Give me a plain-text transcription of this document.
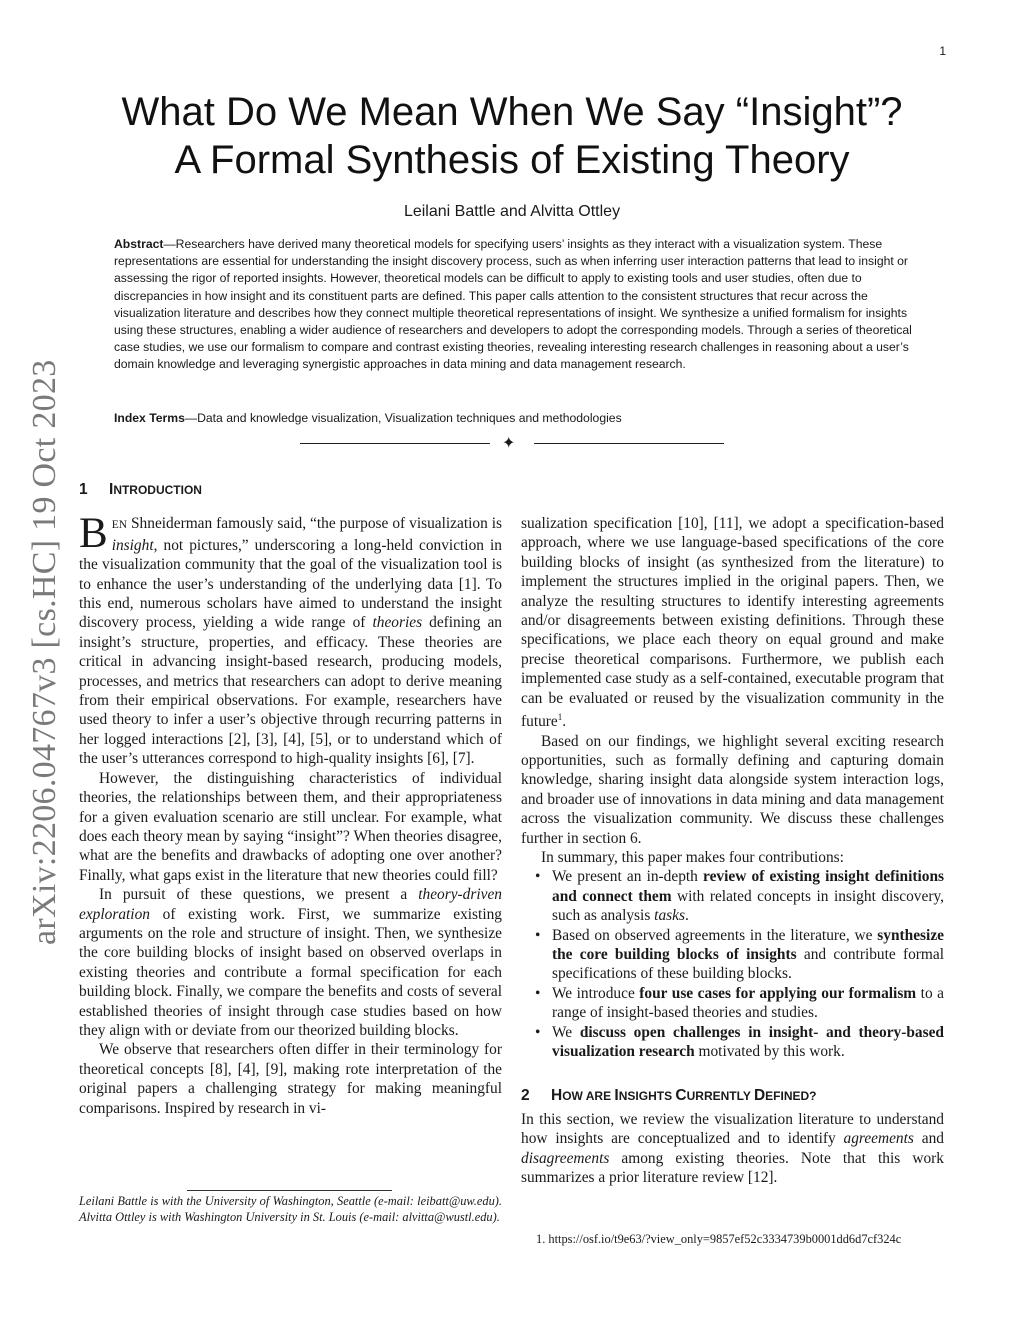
1
arXiv:2206.04767v3 [cs.HC] 19 Oct 2023
What Do We Mean When We Say “Insight”?
A Formal Synthesis of Existing Theory
Leilani Battle and Alvitta Ottley
Abstract—Researchers have derived many theoretical models for specifying users’ insights as they interact with a visualization system. These representations are essential for understanding the insight discovery process, such as when inferring user interaction patterns that lead to insight or assessing the rigor of reported insights. However, theoretical models can be difficult to apply to existing tools and user studies, often due to discrepancies in how insight and its constituent parts are defined. This paper calls attention to the consistent structures that recur across the visualization literature and describes how they connect multiple theoretical representations of insight. We synthesize a unified formalism for insights using these structures, enabling a wider audience of researchers and developers to adopt the corresponding models. Through a series of theoretical case studies, we use our formalism to compare and contrast existing theories, revealing interesting research challenges in reasoning about a user’s domain knowledge and leveraging synergistic approaches in data mining and data management research.
Index Terms—Data and knowledge visualization, Visualization techniques and methodologies
✦
1 INTRODUCTION

BEN Shneiderman famously said, “the purpose of visualization is insight, not pictures,” underscoring a long-held conviction in the visualization community that the goal of the visualization tool is to enhance the user’s understanding of the underlying data [1]. To this end, numerous scholars have aimed to understand the insight discovery process, yielding a wide range of theories defining an insight’s structure, properties, and efficacy. These theories are critical in advancing insight-based research, producing models, processes, and metrics that researchers can adopt to derive meaning from their empirical observations. For example, researchers have used theory to infer a user’s objective through recurring patterns in her logged interactions [2], [3], [4], [5], or to understand which of the user’s utterances correspond to high-quality insights [6], [7].

However, the distinguishing characteristics of individual theories, the relationships between them, and their appropriateness for a given evaluation scenario are still unclear. For example, what does each theory mean by saying “insight”? When theories disagree, what are the benefits and drawbacks of adopting one over another? Finally, what gaps exist in the literature that new theories could fill?

In pursuit of these questions, we present a theory-driven exploration of existing work. First, we summarize existing arguments on the role and structure of insight. Then, we synthesize the core building blocks of insight based on observed overlaps in existing theories and contribute a formal specification for each building block. Finally, we compare the benefits and costs of several established theories of insight through case studies based on how they align with or deviate from our theorized building blocks.

We observe that researchers often differ in their terminology for theoretical concepts [8], [4], [9], making rote interpretation of the original papers a challenging strategy for making meaningful comparisons. Inspired by research in vi-

Leilani Battle is with the University of Washington, Seattle (e-mail: leibatt@uw.edu). Alvitta Ottley is with Washington University in St. Louis (e-mail: alvitta@wustl.edu).

sualization specification [10], [11], we adopt a specification-based approach, where we use language-based specifications of the core building blocks of insight (as synthesized from the literature) to implement the structures implied in the original papers. Then, we analyze the resulting structures to identify interesting agreements and/or disagreements between existing definitions. Through these specifications, we place each theory on equal ground and make precise theoretical comparisons. Furthermore, we publish each implemented case study as a self-contained, executable program that can be evaluated or reused by the visualization community in the future$^1$.

Based on our findings, we highlight several exciting research opportunities, such as formally defining and capturing domain knowledge, sharing insight data alongside system interaction logs, and broader use of innovations in data mining and data management across the visualization community. We discuss these challenges further in section 6.

In summary, this paper makes four contributions:

• We present an in-depth review of existing insight definitions and connect them with related concepts in insight discovery, such as analysis tasks.
• Based on observed agreements in the literature, we synthesize the core building blocks of insights and contribute formal specifications of these building blocks.
• We introduce four use cases for applying our formalism to a range of insight-based theories and studies.
• We discuss open challenges in insight- and theory-based visualization research motivated by this work.
2 HOW ARE INSIGHTS CURRENTLY DEFINED?

In this section, we review the visualization literature to understand how insights are conceptualized and to identify agreements and disagreements among existing theories. Note that this work summarizes a prior literature review [12].

1. https://osf.io/t9e63/?view_only=9857ef52c3334739b0001dd6d7cf324c
